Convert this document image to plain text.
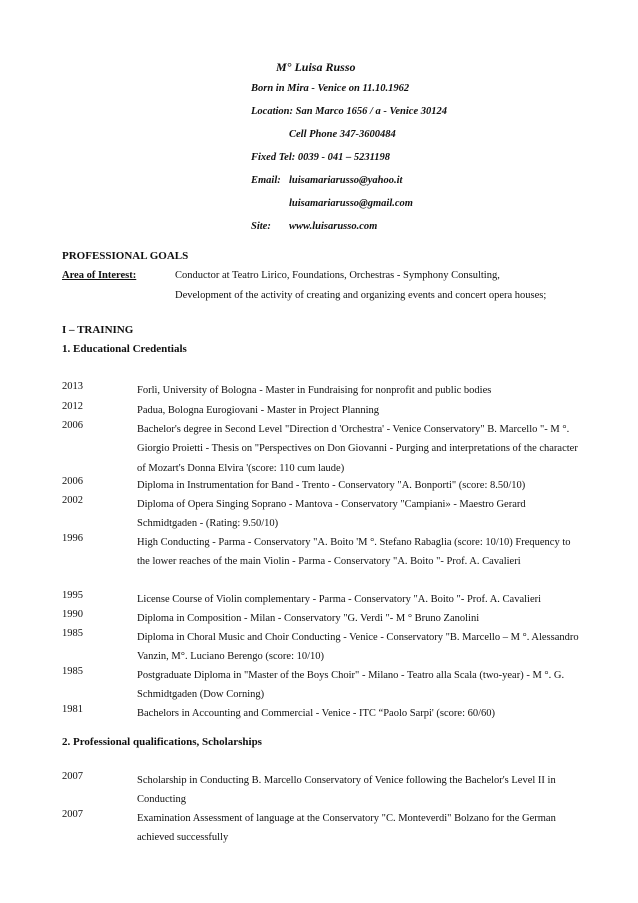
M° Luisa Russo
Born in Mira - Venice on 11.10.1962
Location: San Marco 1656 / a - Venice 30124
Cell Phone 347-3600484
Fixed Tel: 0039 - 041 – 5231198
Email: luisamariarusso@yahoo.it
luisamariarusso@gmail.com
Site: www.luisarusso.com
PROFESSIONAL GOALS
Area of Interest:	Conductor at Teatro Lirico, Foundations, Orchestras - Symphony Consulting,
Development of the activity of creating and organizing events and concert opera houses;
I – TRAINING
1. Educational Credentials
2013	Forlì, University of Bologna - Master in Fundraising for nonprofit and public bodies
2012	Padua, Bologna Eurogiovani - Master in Project Planning
2006	Bachelor's degree in Second Level "Direction d 'Orchestra' - Venice Conservatory" B. Marcello "- M °. Giorgio Proietti - Thesis on "Perspectives on Don Giovanni - Purging and interpretations of the character of Mozart's Donna Elvira '(score: 110 cum laude)
2006	Diploma in Instrumentation for Band - Trento - Conservatory "A. Bonporti" (score: 8.50/10)
2002	Diploma of Opera Singing Soprano - Mantova - Conservatory "Campiani» - Maestro Gerard Schmidtgaden - (Rating: 9.50/10)
1996	High Conducting - Parma - Conservatory "A. Boito 'M °. Stefano Rabaglia (score: 10/10) Frequency to the lower reaches of the main Violin - Parma - Conservatory "A. Boito "- Prof. A. Cavalieri
1995	License Course of Violin complementary - Parma - Conservatory "A. Boito "- Prof. A. Cavalieri
1990	Diploma in Composition - Milan - Conservatory "G. Verdi "- M ° Bruno Zanolini
1985	Diploma in Choral Music and Choir Conducting - Venice - Conservatory "B. Marcello – M °. Alessandro Vanzin, M°. Luciano Berengo (score: 10/10)
1985	Postgraduate Diploma in "Master of the Boys Choir" - Milano - Teatro alla Scala (two-year) - M °. G. Schmidtgaden (Dow Corning)
1981	Bachelors in Accounting and Commercial - Venice - ITC “Paolo Sarpi' (score: 60/60)
2. Professional qualifications, Scholarships
2007	Scholarship in Conducting B. Marcello Conservatory of Venice following the Bachelor's Level II in Conducting
2007	Examination Assessment of language at the Conservatory "C. Monteverdi" Bolzano for the German achieved successfully
